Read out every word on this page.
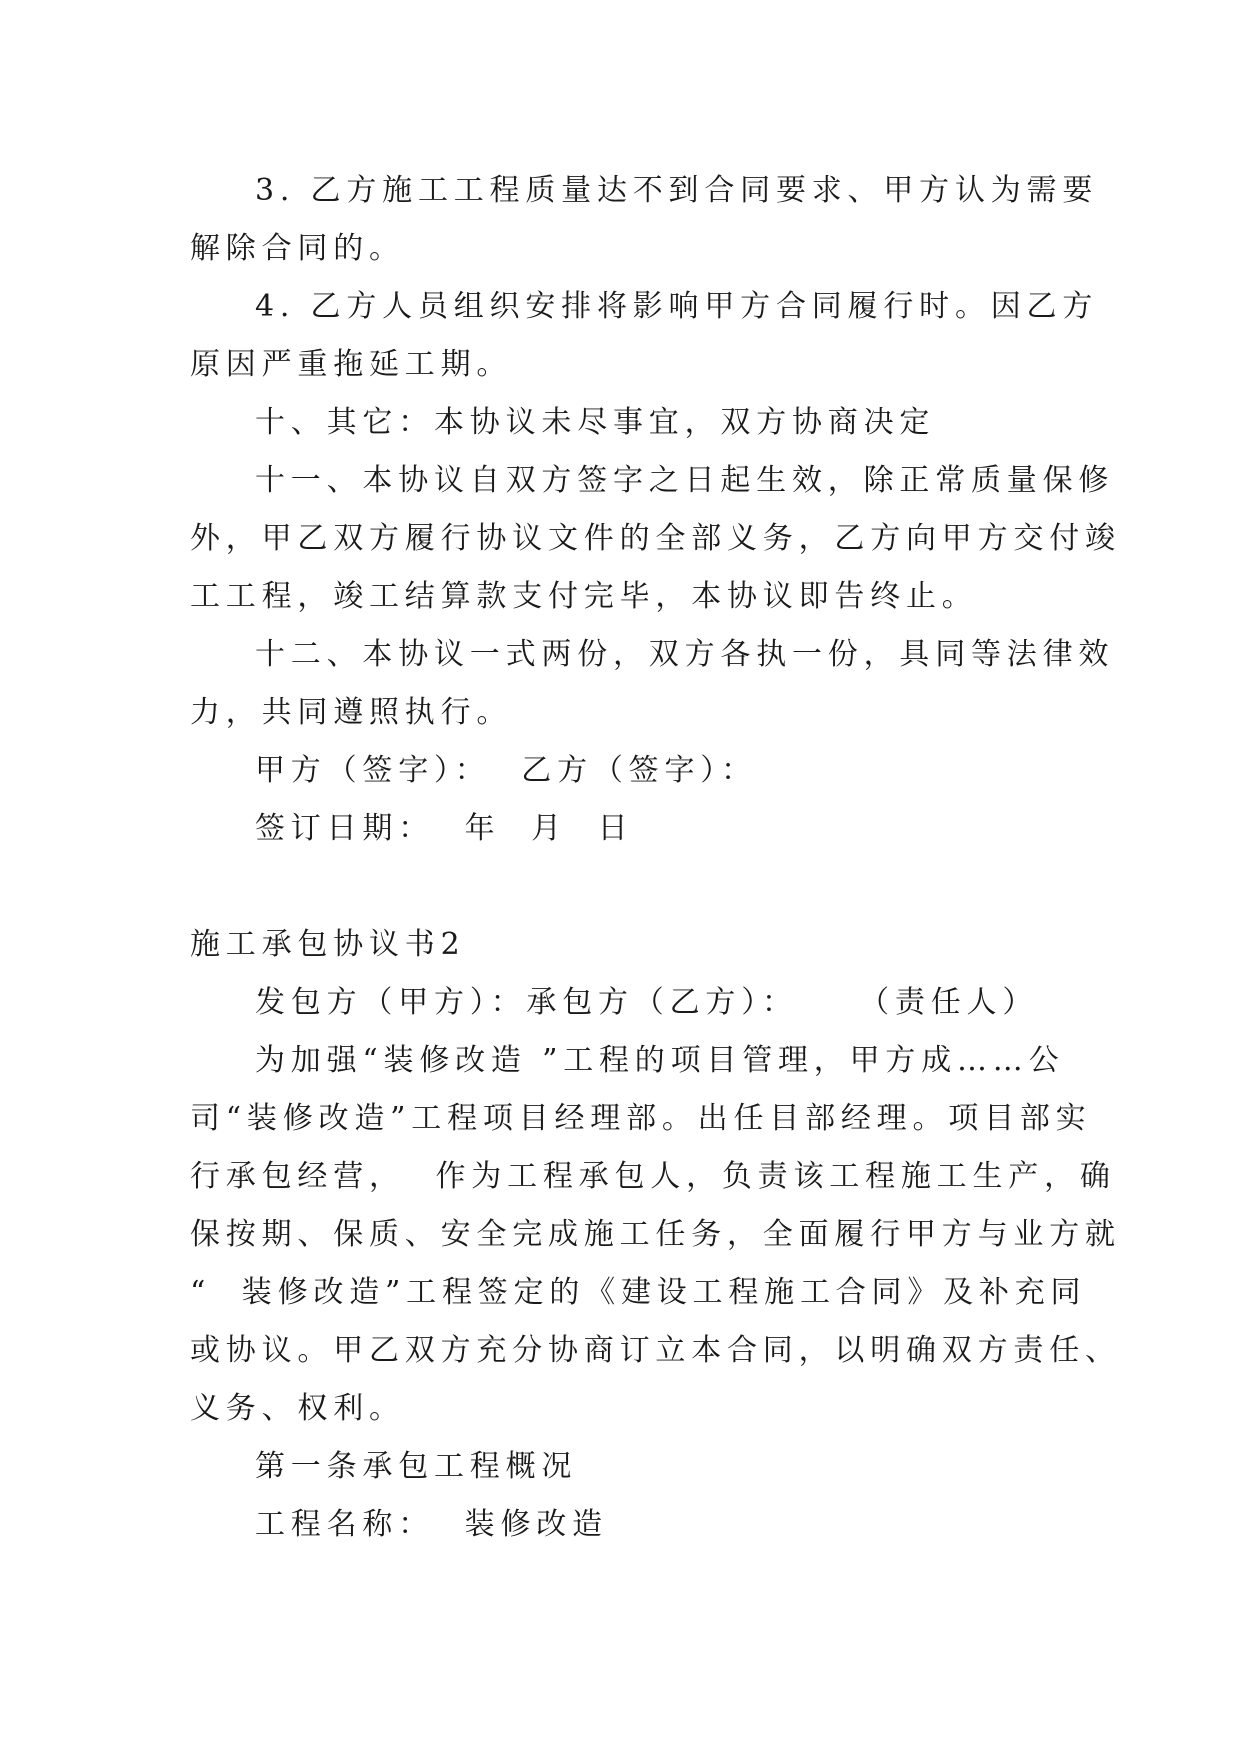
3. 乙方施工工程质量达不到合同要求、甲方认为需要
解除合同的。
4. 乙方人员组织安排将影响甲方合同履行时。因乙方
原因严重拖延工期。
十、其它：本协议未尽事宜，双方协商决定
十一、本协议自双方签字之日起生效，除正常质量保修
外，甲乙双方履行协议文件的全部义务，乙方向甲方交付竣
工工程，竣工结算款支付完毕，本协议即告终止。
十二、本协议一式两份，双方各执一份，具同等法律效
力，共同遵照执行。
甲方（签字）：  乙方（签字）：
签订日期：  年  月  日
施工承包协议书2
发包方（甲方）：承包方（乙方）：    （责任人）
为加强“装修改造 ”工程的项目管理，甲方成……公
司“装修改造”工程项目经理部。出任目部经理。项目部实
行承包经营，  作为工程承包人，负责该工程施工生产，确
保按期、保质、安全完成施工任务，全面履行甲方与业方就
“  装修改造”工程签定的《建设工程施工合同》及补充同
或协议。甲乙双方充分协商订立本合同，以明确双方责任、
义务、权利。
第一条承包工程概况
工程名称：  装修改造
